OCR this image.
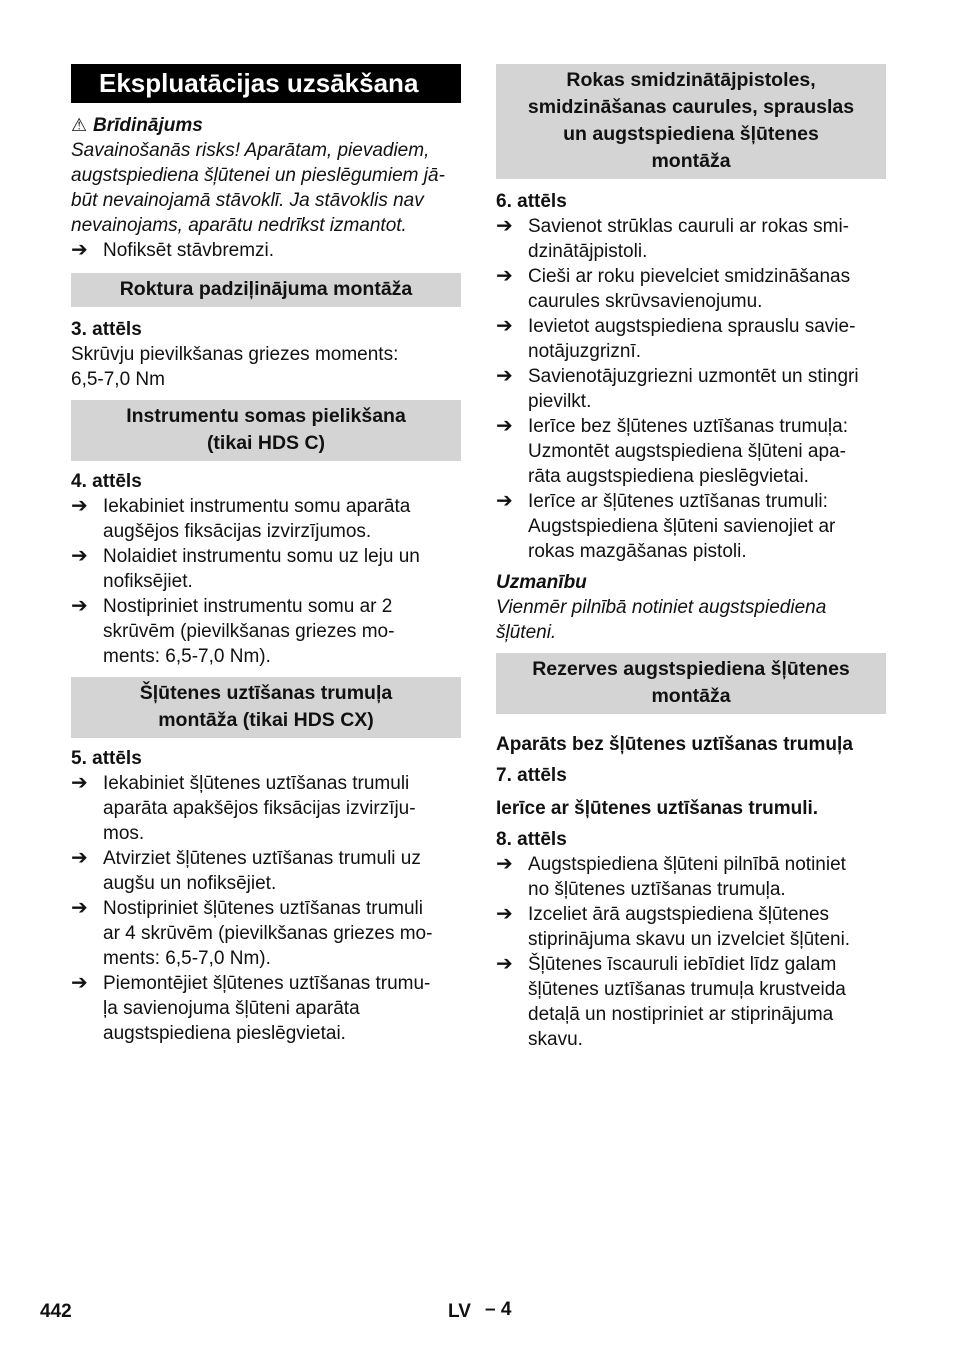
Ekspluatācijas uzsākšana

⚠ Brīdinājums

Savainošanās risks! Aparātam, pievadiem,
augstspiediena šļūtenei un pieslēgumiem jā-
būt nevainojamā stāvoklī. Ja stāvoklis nav
nevainojams, aparātu nedrīkst izmantot.

➔ Nofiksēt stāvbremzi.
Roktura padziļinājuma montāža

3. attēls

Skrūvju pievilkšanas griezes moments:
6,5-7,0 Nm

Instrumentu somas pielikšana
(tikai HDS C)

4. attēls

➔ Iekabiniet instrumentu somu aparāta
augšējos fiksācijas izvirzījumos.
➔ Nolaidiet instrumentu somu uz leju un
nofiksējiet.
➔ Nostipriniet instrumentu somu ar 2
skrūvēm (pievilkšanas griezes mo-
ments: 6,5-7,0 Nm).
Šļūtenes uztīšanas trumuļa
montāža (tikai HDS CX)

5. attēls

➔ Iekabiniet šļūtenes uztīšanas trumuli
aparāta apakšējos fiksācijas izvirzīju-
mos.
➔ Atvirziet šļūtenes uztīšanas trumuli uz
augšu un nofiksējiet.
➔ Nostipriniet šļūtenes uztīšanas trumuli
ar 4 skrūvēm (pievilkšanas griezes mo-
ments: 6,5-7,0 Nm).
➔ Piemontējiet šļūtenes uztīšanas trumu-
ļa savienojuma šļūteni aparāta
augstspiediena pieslēgvietai.
Rokas smidzinātājpistoles,
smidzināšanas caurules, sprauslas
un augstspiediena šļūtenes
montāža

6. attēls

➔ Savienot strūklas cauruli ar rokas smi-
dzinātājpistoli.
➔ Cieši ar roku pievelciet smidzināšanas
caurules skrūvsavienojumu.
➔ Ievietot augstspiediena sprauslu savie-
notājuzgriznī.
➔ Savienotājuzgriezni uzmontēt un stingri
pievilkt.
➔ Ierīce bez šļūtenes uztīšanas trumuļa:
Uzmontēt augstspiediena šļūteni apa-
rāta augstspiediena pieslēgvietai.
➔ Ierīce ar šļūtenes uztīšanas trumuli:
Augstspiediena šļūteni savienojiet ar
rokas mazgāšanas pistoli.

Uzmanību

Vienmēr pilnībā notiniet augstspiediena
šļūteni.

Rezerves augstspiediena šļūtenes
montāža

Aparāts bez šļūtenes uztīšanas trumuļa

7. attēls

Ierīce ar šļūtenes uztīšanas trumuli.

8. attēls

➔ Augstspiediena šļūteni pilnībā notiniet
no šļūtenes uztīšanas trumuļa.
➔ Izceliet ārā augstspiediena šļūtenes
stiprinājuma skavu un izvelciet šļūteni.
➔ Šļūtenes īscauruli iebīdiet līdz galam
šļūtenes uztīšanas trumuļa krustveida
detaļā un nostipriniet ar stiprinājuma
skavu.
442	LV – 4
